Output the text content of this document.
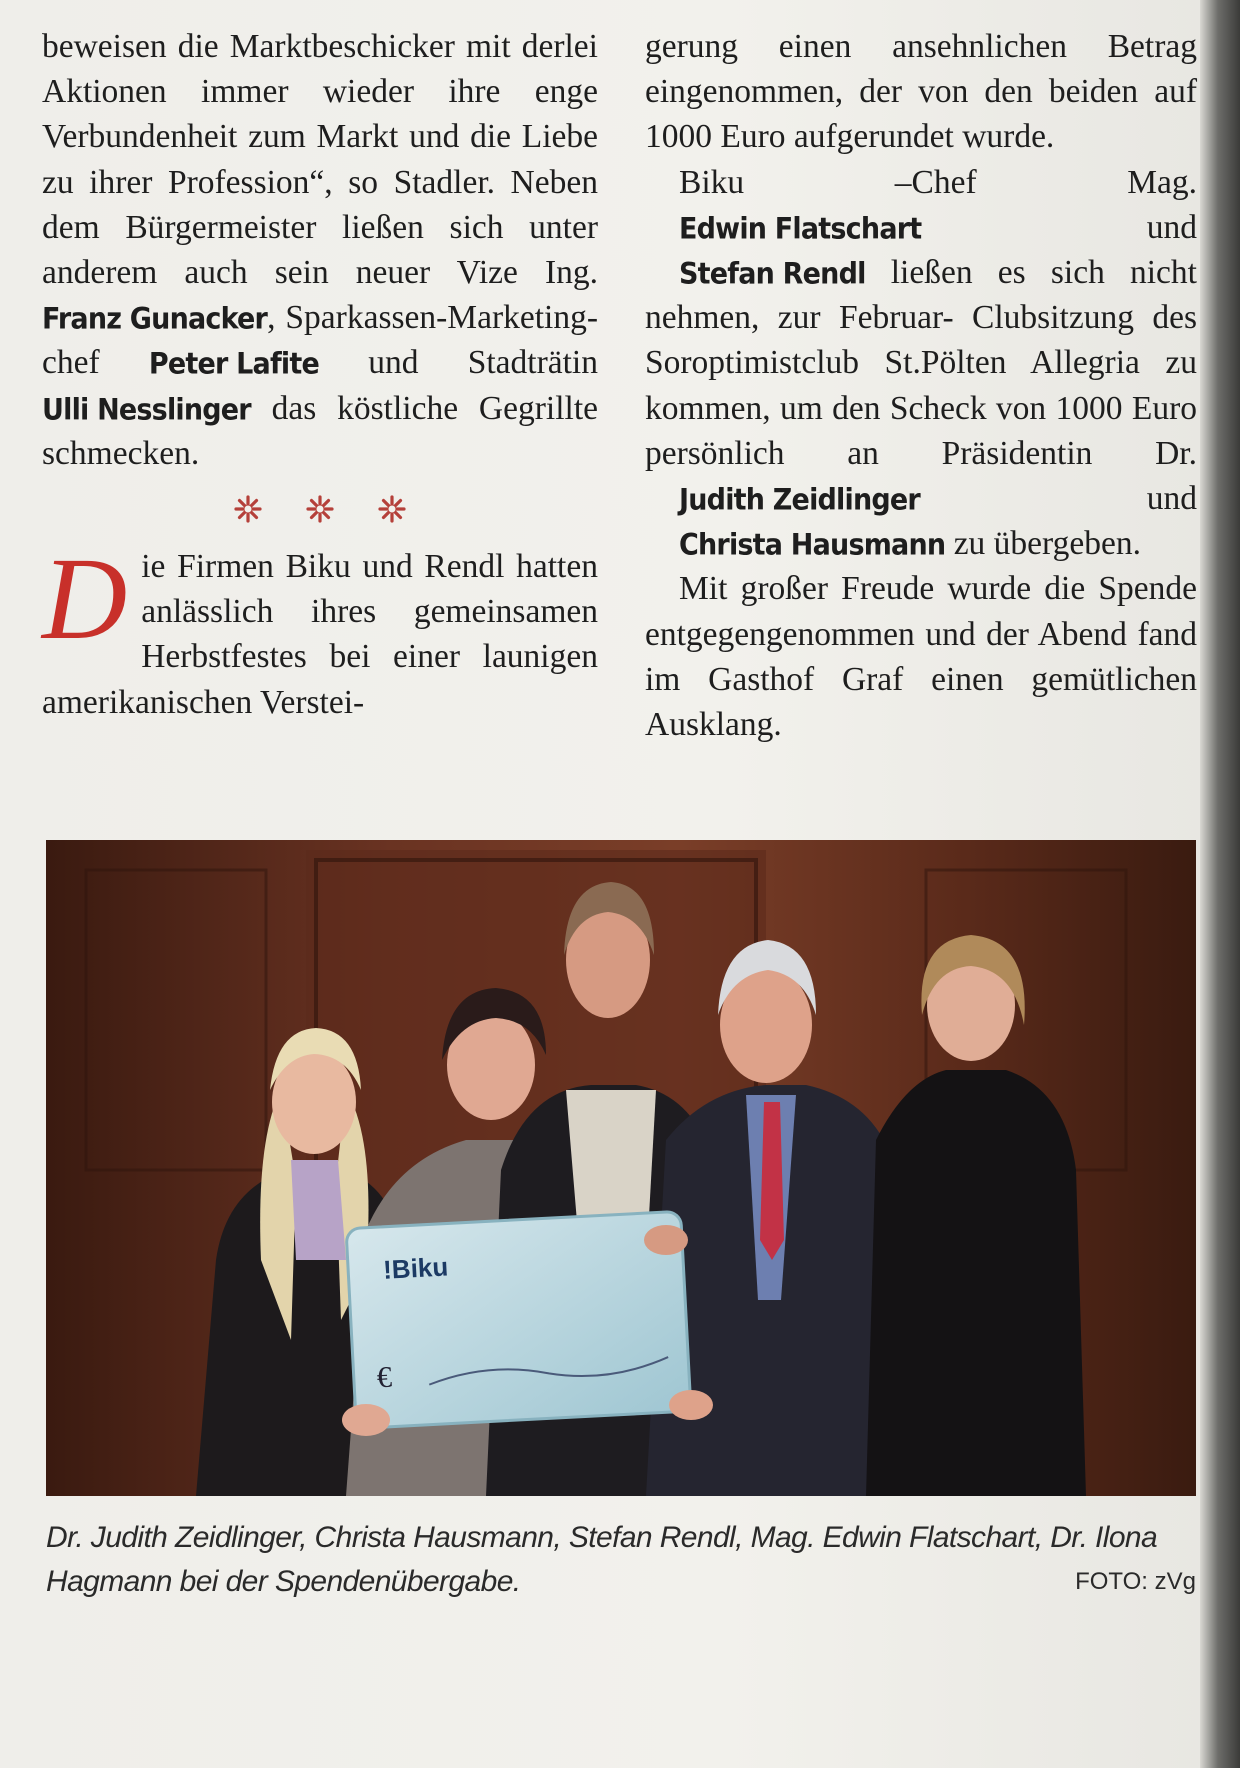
beweisen die Marktbeschicker mit derlei Aktionen immer wieder ihre enge Verbundenheit zum Markt und die Liebe zu ihrer Profession“, so Stadler. Neben dem Bürgermeister ließen sich unter anderem auch sein neuer Vize Ing. Franz Gunacker, Sparkassen-Marketingchef Peter Lafite und Stadträtin Ulli Nesslinger das köstliche Gegrillte schmecken.

Die Firmen Biku und Rendl hatten anlässlich ihres gemeinsamen Herbstfestes bei einer launigen amerikanischen Verstei-

gerung einen ansehnlichen Betrag eingenommen, der von den beiden auf 1000 Euro aufgerundet wurde.

Biku –Chef Mag. Edwin Flatschart und Stefan Rendl ließen es sich nicht nehmen, zur Februar- Clubsitzung des Soroptimistclub St.Pölten Allegria zu kommen, um den Scheck von 1000 Euro persönlich an Präsidentin Dr. Judith Zeidlinger und Christa Hausmann zu übergeben.

Mit großer Freude wurde die Spende entgegengenommen und der Abend fand im Gasthof Graf einen gemütlichen Ausklang.

!Biku
€
Dr. Judith Zeidlinger, Christa Hausmann, Stefan Rendl, Mag. Edwin Flatschart, Dr. Ilona Hagmann bei der Spendenübergabe.	FOTO: zVg
